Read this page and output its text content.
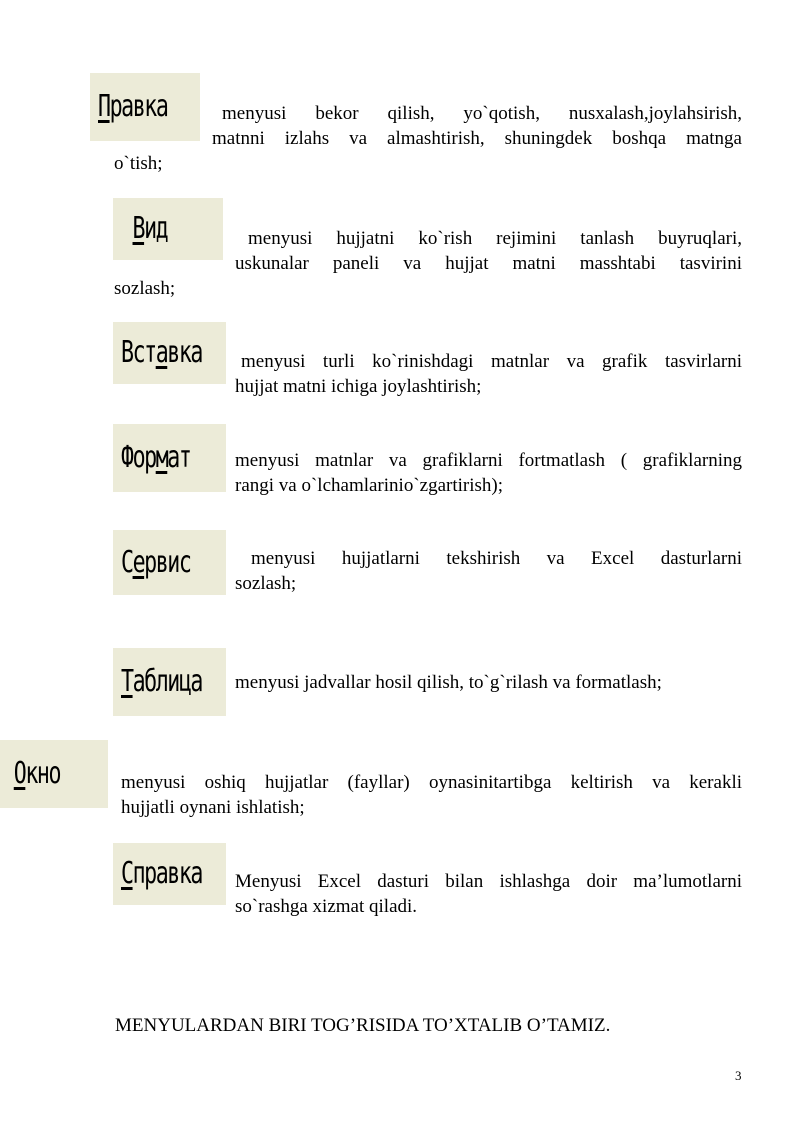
Правка	menyusi bekor qilish, yo`qotish, nusxalash,joylahsirish,
matnni izlahs va almashtirish, shuningdek boshqa matnga
o`tish;
Вид	menyusi hujjatni ko`rish rejimini tanlash buyruqlari,
uskunalar paneli va hujjat matni masshtabi tasvirini
sozlash;
Вставка	menyusi turli ko`rinishdagi matnlar va grafik tasvirlarni
hujjat matni ichiga joylashtirish;
Формат menyusi matnlar va grafiklarni fortmatlash ( grafiklarning
rangi va o`lchamlarinio`zgartirish);
Сервис	menyusi hujjatlarni tekshirish va Excel dasturlarni
sozlash;
Таблица menyusi jadvallar hosil qilish, to`g`rilash va formatlash;
Окно	menyusi oshiq hujjatlar (fayllar) oynasinitartibga keltirish va kerakli
hujjatli oynani ishlatish;
Справка Menyusi Excel dasturi bilan ishlashga doir ma’lumotlarni
so`rashga xizmat qiladi.
MENYULARDAN BIRI TOG’RISIDA TO’XTALIB O’TAMIZ.
3
